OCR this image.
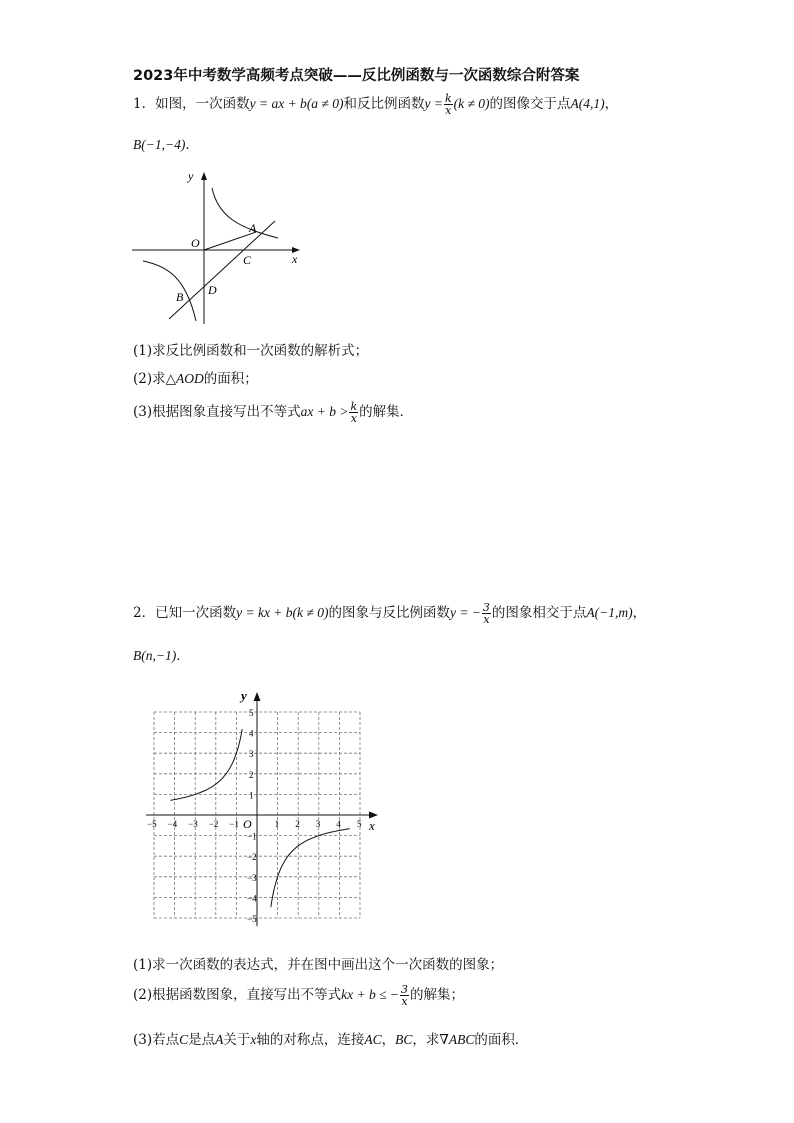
2023年中考数学高频考点突破——反比例函数与一次函数综合附答案
1．如图，一次函数y = ax + b(a ≠ 0)和反比例函数$y = \frac{k}{x} (k \ne 0)$的图像交于点A(4,1)，
B(−1,−4)．
y
x
O
A
B
C
D
(1)求反比例函数和一次函数的解析式；
(2)求△AOD的面积；
(3)根据图象直接写出不等式ax + $b > \frac{k}{x}$ 的解集．
2．已知一次函数y = kx + b(k ≠ 0)的图象与反比例函数y = − $\frac{3}{x}$ 的图象相交于点A(−1,m)，
B(n,−1)．
−5 −4 −3 −2 −1	1 2 3 4 5
5
4
3
2
1
−1
−2
−3
−4
−5
y
x
O
(1)求一次函数的表达式，并在图中画出这个一次函数的图象；
(2)根据函数图象，直接写出不等式kx + b ≤ − $\frac{3}{x}$ 的解集；
(3)若点C是点A关于x轴的对称点，连接AC，BC，求∇ABC的面积．
